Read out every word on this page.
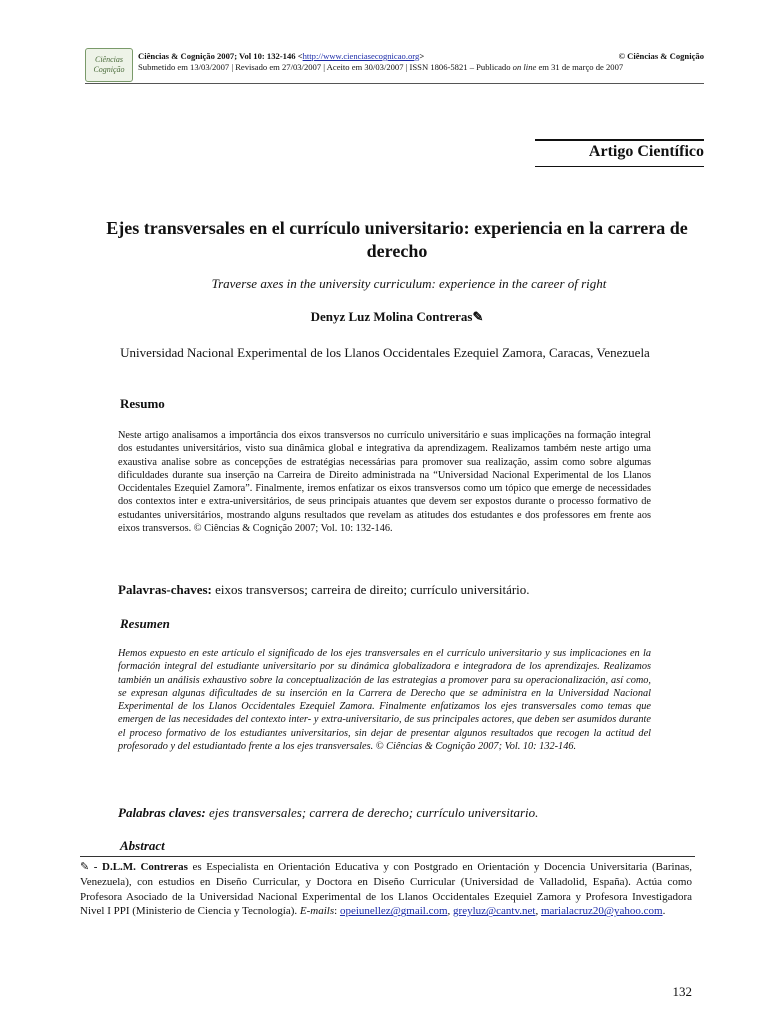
Ciências
Cognição
Ciências & Cognição 2007; Vol 10: 132-146 <http://www.cienciasecognicao.org>	© Ciências & Cognição
Submetido em 13/03/2007 | Revisado em 27/03/2007 | Aceito em 30/03/2007 | ISSN 1806-5821 – Publicado on line em 31 de março de 2007
Artigo Científico
Ejes transversales en el currículo universitario: experiencia en la carrera de derecho
Traverse axes in the university curriculum: experience in the career of right
Denyz Luz Molina Contreras✎
Universidad Nacional Experimental de los Llanos Occidentales Ezequiel Zamora, Caracas, Venezuela
Resumo
Neste artigo analisamos a importância dos eixos transversos no currículo universitário e suas implicações na formação integral dos estudantes universitários, visto sua dinâmica global e integrativa da aprendizagem. Realizamos também neste artigo uma exaustiva analise sobre as concepções de estratégias necessárias para promover sua realização, assim como sobre algumas dificuldades durante sua inserção na Carreira de Direito administrada na “Universidad Nacional Experimental de los Llanos Occidentales Ezequiel Zamora”. Finalmente, iremos enfatizar os eixos transversos como um tópico que emerge de necessidades dos contextos inter e extra-universitários, de seus principais atuantes que devem ser expostos durante o processo formativo de estudantes universitários, mostrando alguns resultados que revelam as atitudes dos estudantes e dos professores em frente aos eixos transversos. © Ciências & Cognição 2007; Vol. 10: 132-146.
Palavras-chaves: eixos transversos; carreira de direito; currículo universitário.
Resumen
Hemos expuesto en este artículo el significado de los ejes transversales en el currículo universitario y sus implicaciones en la formación integral del estudiante universitario por su dinámica globalizadora e integradora de los aprendizajes. Realizamos también un análisis exhaustivo sobre la conceptualización de las estrategias a promover para su operacionalización, así como, se expresan algunas dificultades de su inserción en la Carrera de Derecho que se administra en la Universidad Nacional Experimental de los Llanos Occidentales Ezequiel Zamora. Finalmente enfatizamos los ejes transversales como temas que emergen de las necesidades del contexto inter- y extra-universitario, de sus principales actores, que deben ser asumidos durante el proceso formativo de los estudiantes universitarios, sin dejar de presentar algunos resultados que recogen la actitud del profesorado y del estudiantado frente a los ejes transversales. © Ciências & Cognição 2007; Vol. 10: 132-146.
Palabras claves: ejes transversales; carrera de derecho; currículo universitario.
Abstract
✎ - D.L.M. Contreras es Especialista en Orientación Educativa y con Postgrado en Orientación y Docencia Universitaria (Barinas, Venezuela), con estudios en Diseño Curricular, y Doctora en Diseño Curricular (Universidad de Valladolid, España). Actúa como Profesora Asociado de la Universidad Nacional Experimental de los Llanos Occidentales Ezequiel Zamora y Profesora Investigadora Nivel I PPI (Ministerio de Ciencia y Tecnología). E-mails: opeiunellez@gmail.com, greyluz@cantv.net, marialacruz20@yahoo.com.
132
